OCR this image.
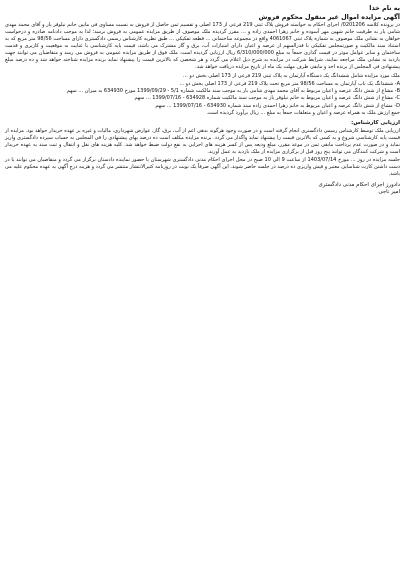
به نام خدا

آگهی مزایده اموال غیر منقول محکوم فروش

در پرونده کلاسه 0201206/ اجرای احکام به خواسته فروش پلاک ثبتی 219 فرعی از 173 اصلی و تقسیم ثمن حاصل از فروش به نسبت مساوی فی مابین خانم نیلوفر یار و آقای محمد مهدی شامی یار به طرفیت خانم شهین مهر آسوده و خانم زهرا احمدی زاده و ... مقرر گردیده ملک موصوف از طریق مزایده عمومی به فروش برسد؛ لذا به موجب دادنامه صادره و درخواست خواهان به نشانی ملک موصوف به شماره پلاک ثبتی 4061067 واقع در مجموعه ساختمانی ... قطعه تفکیکی ... طبق نظریه کارشناس رسمی دادگستری دارای مساحت 98/56 متر مربع که به استناد سند مالکیت و صورتمجلس تفکیکی با قدرالسهم از عرصه و اعیان دارای امتیازات آب، برق و گاز مشترک می باشد، قیمت پایه کارشناسی با عنایت به موقعیت و کاربری و قدمت ساختمان و سایر عوامل موثر در قیمت گذاری جمعاً به مبلغ 6/310/000/000 ریال ارزیابی گردیده است. ملک فوق از طریق مزایده عمومی به فروش می رسد و متقاضیان می توانند جهت بازدید به نشانی ملک مراجعه نمایند. شرایط شرکت در مزایده به شرح ذیل اعلام می گردد و هر شخصی که بالاترین قیمت را پیشنهاد نماید برنده مزایده شناخته خواهد شد و ده درصد مبلغ پیشنهادی فی المجلس از برنده اخذ و مابقی ظرف مهلت یک ماه از تاریخ مزایده دریافت خواهد شد.

ملک مورد مزایده شامل ششدانگ یک دستگاه آپارتمان به پلاک ثبتی 219 فرعی از 173 اصلی بخش دو ...

A- ششدانگ یک باب آپارتمان به مساحت 98/56 متر مربع تحت پلاک 219 فرعی از 173 اصلی بخش دو ...

B- مشاع از شش دانگ عرصه و اعیان مربوط به آقای محمد مهدی شامی یار به موجب سند مالکیت شماره 5/1 - 1399/09/29 مورخ 634930 به میزان ... سهم

C- مشاع از شش دانگ عرصه و اعیان مربوط به خانم نیلوفر یار به موجب سند مالکیت شماره 634928 - 1399/07/16 ... سهم

D- مشاع از شش دانگ عرصه و اعیان مربوط به خانم زهرا احمدی زاده سند شماره 634930 - 1399/07/16 ... سهم

جمع ارزش ملک به همراه عرصه و اعیان و متعلقات جمعاً به مبلغ ... ریال برآورد گردیده است.

ارزیابی کارشناس:

ارزیابی ملک توسط کارشناس رسمی دادگستری انجام گرفته است و در صورت وجود هرگونه بدهی اعم از آب، برق، گاز، عوارض شهرداری، مالیات و غیره بر عهده خریدار خواهد بود. مزایده از قیمت پایه کارشناسی شروع و به کسی که بالاترین قیمت را پیشنهاد نماید واگذار می گردد. برنده مزایده مکلف است ده درصد بهای پیشنهادی را فی المجلس به حساب سپرده دادگستری واریز نماید و در صورت عدم پرداخت مابقی ثمن در موعد مقرر، مبلغ ودیعه پس از کسر هزینه های اجرایی به نفع دولت ضبط خواهد شد. کلیه هزینه های نقل و انتقال و ثبت سند به عهده خریدار است و شرکت کنندگان می توانند پنج روز قبل از برگزاری مزایده از ملک بازدید به عمل آورند.

جلسه مزایده در روز ... مورخ 1403/07/14 از ساعت 9 الی 10 صبح در محل اجرای احکام مدنی دادگستری شهرستان با حضور نماینده دادستان برگزار می گردد و متقاضیان می توانند با در دست داشتن کارت شناسایی معتبر و فیش واریزی ده درصد در جلسه حاضر شوند. این آگهی صرفاً یک نوبت در روزنامه کثیرالانتشار منتشر می گردد و هزینه درج آگهی به عهده محکوم علیه می باشد.

دادورز اجرای احکام مدنی دادگستری
امیر ناجی
